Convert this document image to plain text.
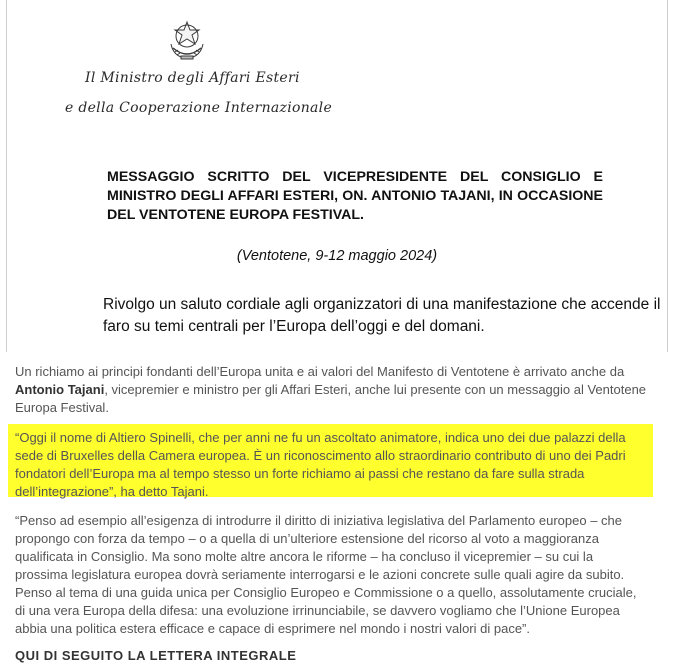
Il Ministro degli Affari Esteri
e della Cooperazione Internazionale
MESSAGGIO SCRITTO DEL VICEPRESIDENTE DEL CONSIGLIO E MINISTRO DEGLI AFFARI ESTERI, ON. ANTONIO TAJANI, IN OCCASIONE DEL VENTOTENE EUROPA FESTIVAL.
(Ventotene, 9-12 maggio 2024)
Rivolgo un saluto cordiale agli organizzatori di una manifestazione che accende il faro su temi centrali per l’Europa dell’oggi e del domani.
Un richiamo ai principi fondanti dell’Europa unita e ai valori del Manifesto di Ventotene è arrivato anche da Antonio Tajani, vicepremier e ministro per gli Affari Esteri, anche lui presente con un messaggio al Ventotene Europa Festival.
“Oggi il nome di Altiero Spinelli, che per anni ne fu un ascoltato animatore, indica uno dei due palazzi della sede di Bruxelles della Camera europea. È un riconoscimento allo straordinario contributo di uno dei Padri fondatori dell’Europa ma al tempo stesso un forte richiamo ai passi che restano da fare sulla strada dell’integrazione”, ha detto Tajani.
“Penso ad esempio all’esigenza di introdurre il diritto di iniziativa legislativa del Parlamento europeo – che propongo con forza da tempo – o a quella di un’ulteriore estensione del ricorso al voto a maggioranza qualificata in Consiglio. Ma sono molte altre ancora le riforme – ha concluso il vicepremier – su cui la prossima legislatura europea dovrà seriamente interrogarsi e le azioni concrete sulle quali agire da subito. Penso al tema di una guida unica per Consiglio Europeo e Commissione o a quello, assolutamente cruciale, di una vera Europa della difesa: una evoluzione irrinunciabile, se davvero vogliamo che l’Unione Europea abbia una politica estera efficace e capace di esprimere nel mondo i nostri valori di pace”.
QUI DI SEGUITO LA LETTERA INTEGRALE
